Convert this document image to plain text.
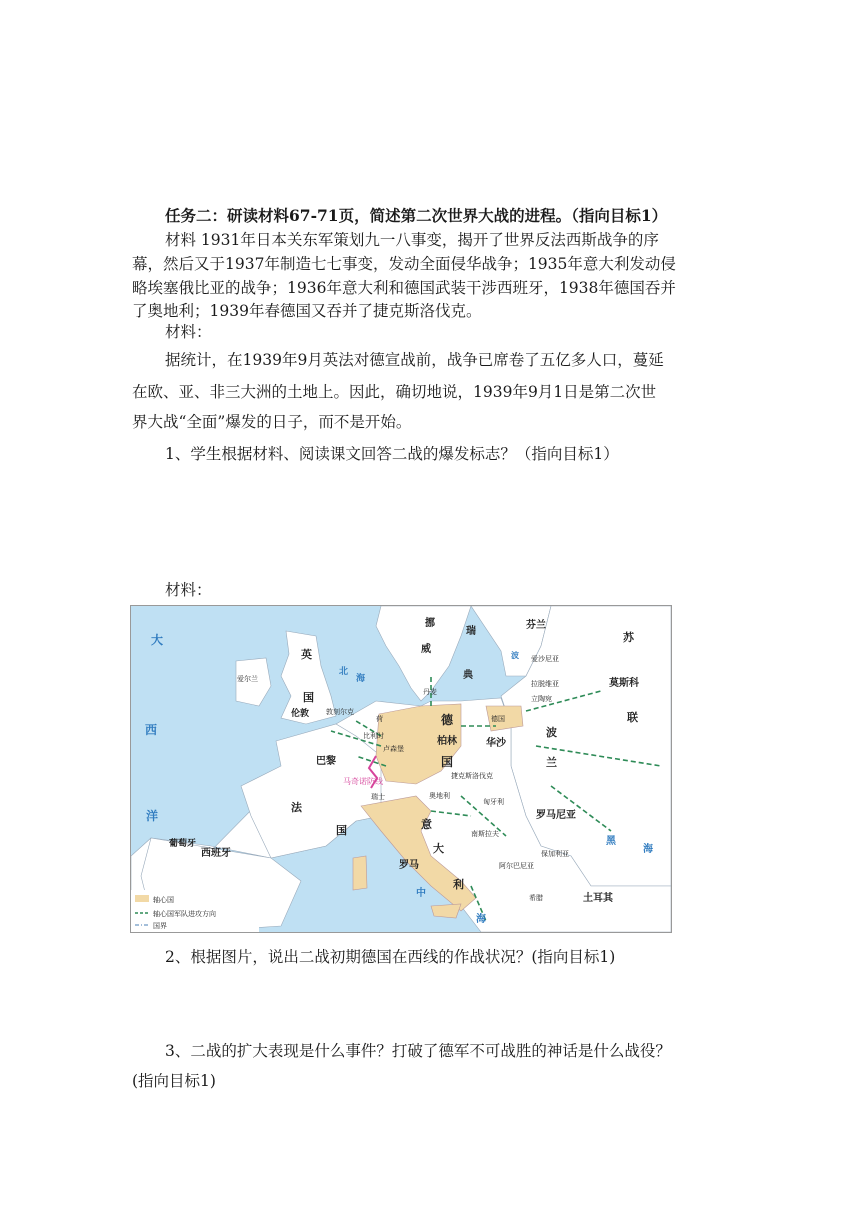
任务二：研读材料67-71页，简述第二次世界大战的进程。（指向目标1）
材料 1931年日本关东军策划九一八事变，揭开了世界反法西斯战争的序
幕，然后又于1937年制造七七事变，发动全面侵华战争；1935年意大利发动侵
略埃塞俄比亚的战争；1936年意大利和德国武装干涉西班牙，1938年德国吞并
了奥地利；1939年春德国又吞并了捷克斯洛伐克。
材料：
据统计，在1939年9月英法对德宣战前，战争已席卷了五亿多人口，蔓延
在欧、亚、非三大洲的土地上。因此，确切地说，1939年9月1日是第二次世
界大战“全面”爆发的日子，而不是开始。
1、学生根据材料、阅读课文回答二战的爆发标志？（指向目标1）
材料：
大
西
洋
英
国
伦敦
爱尔兰
敦刻尔克
北
海
挪
威
瑞
典
丹麦
芬兰
苏
联
莫斯科
波 爱沙尼亚
拉脱维亚
立陶宛
德
国
柏林	华沙
波
兰
德国
荷
比利时
卢森堡
巴黎
马奇诺防线
法
国
瑞士
捷克斯洛伐克
奥地利
匈牙利
罗马尼亚
黑
海
南斯拉夫
保加利亚
阿尔巴尼亚
希腊	土耳其
意
大
利
罗马
西班牙
葡萄牙
中
海
轴心国
轴心国军队进攻方向
国界
2、根据图片，说出二战初期德国在西线的作战状况？(指向目标1)
3、二战的扩大表现是什么事件？打破了德军不可战胜的神话是什么战役？
(指向目标1)
